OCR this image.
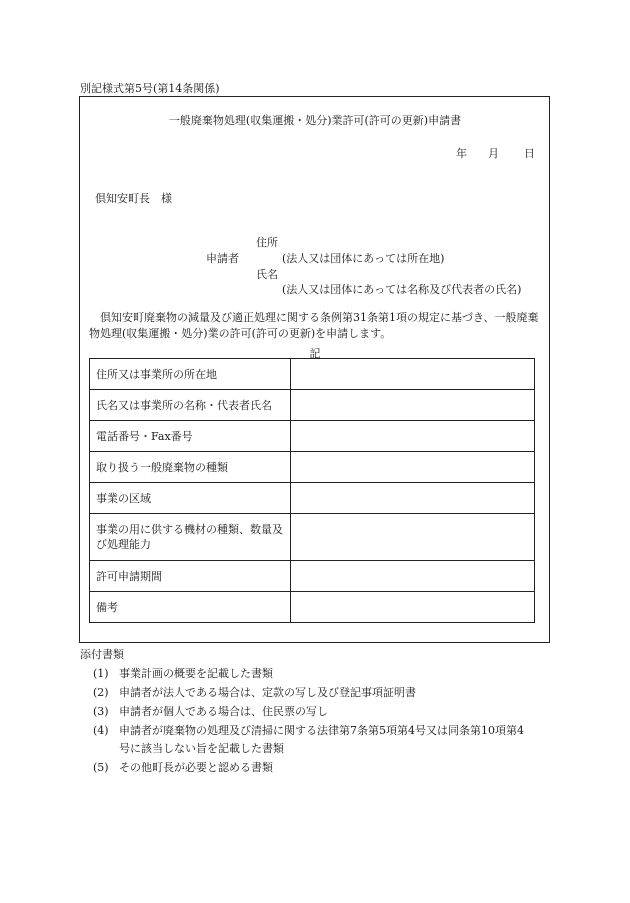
別記様式第5号(第14条関係)
一般廃棄物処理(収集運搬・処分)業許可(許可の更新)申請書
年 月 日
倶知安町長　様
住所
申請者	(法人又は団体にあっては所在地)
氏名
(法人又は団体にあっては名称及び代表者の氏名)
倶知安町廃棄物の減量及び適正処理に関する条例第31条第1項の規定に基づき、一般廃棄物処理(収集運搬・処分)業の許可(許可の更新)を申請します。
記
住所又は事業所の所在地	
氏名又は事業所の名称・代表者氏名	
電話番号・Fax番号	
取り扱う一般廃棄物の種類	
事業の区域	
事業の用に供する機材の種類、数量及び処理能力	
許可申請期間	
備考	
添付書類
(1) 事業計画の概要を記載した書類
(2) 申請者が法人である場合は、定款の写し及び登記事項証明書
(3) 申請者が個人である場合は、住民票の写し
(4) 申請者が廃棄物の処理及び清掃に関する法律第7条第5項第4号又は同条第10項第4
号に該当しない旨を記載した書類
(5) その他町長が必要と認める書類
